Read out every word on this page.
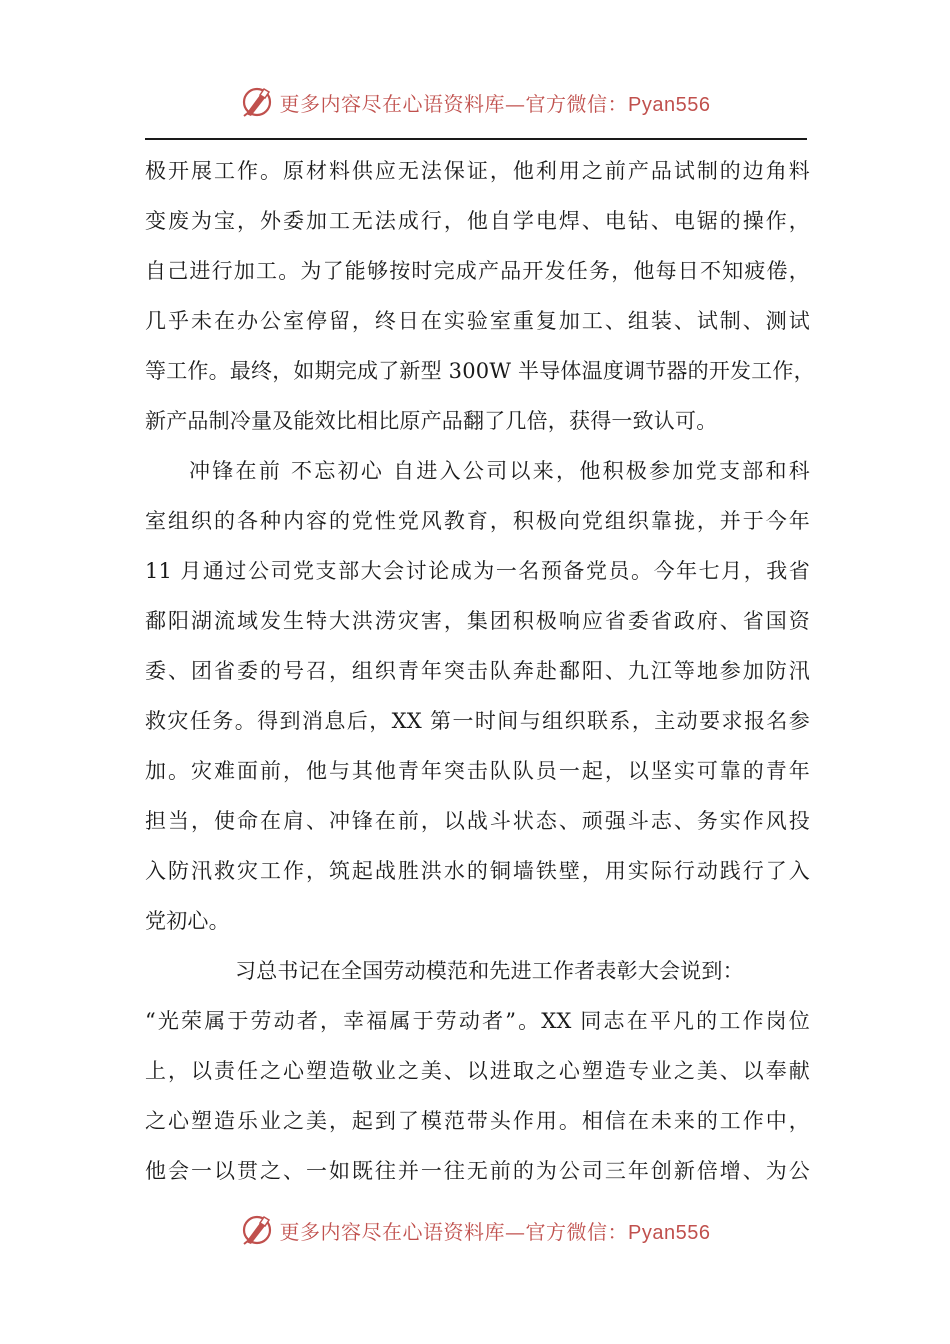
更多内容尽在心语资料库—官方微信：Pyan556
极开展工作。原材料供应无法保证，他利用之前产品试制的边角料
变废为宝，外委加工无法成行，他自学电焊、电钻、电锯的操作，
自己进行加工。为了能够按时完成产品开发任务，他每日不知疲倦，
几乎未在办公室停留，终日在实验室重复加工、组装、试制、测试
等工作。最终，如期完成了新型 300W 半导体温度调节器的开发工作，
新产品制冷量及能效比相比原产品翻了几倍，获得一致认可。
冲锋在前 不忘初心 自进入公司以来，他积极参加党支部和科
室组织的各种内容的党性党风教育，积极向党组织靠拢，并于今年
11 月通过公司党支部大会讨论成为一名预备党员。今年七月，我省
鄱阳湖流域发生特大洪涝灾害，集团积极响应省委省政府、省国资
委、团省委的号召，组织青年突击队奔赴鄱阳、九江等地参加防汛
救灾任务。得到消息后，XX 第一时间与组织联系，主动要求报名参
加。灾难面前，他与其他青年突击队队员一起，以坚实可靠的青年
担当，使命在肩、冲锋在前，以战斗状态、顽强斗志、务实作风投
入防汛救灾工作，筑起战胜洪水的铜墙铁壁，用实际行动践行了入
党初心。
习总书记在全国劳动模范和先进工作者表彰大会说到：
“光荣属于劳动者，幸福属于劳动者”。XX 同志在平凡的工作岗位
上，以责任之心塑造敬业之美、以进取之心塑造专业之美、以奉献
之心塑造乐业之美，起到了模范带头作用。相信在未来的工作中，
他会一以贯之、一如既往并一往无前的为公司三年创新倍增、为公
更多内容尽在心语资料库—官方微信：Pyan556
